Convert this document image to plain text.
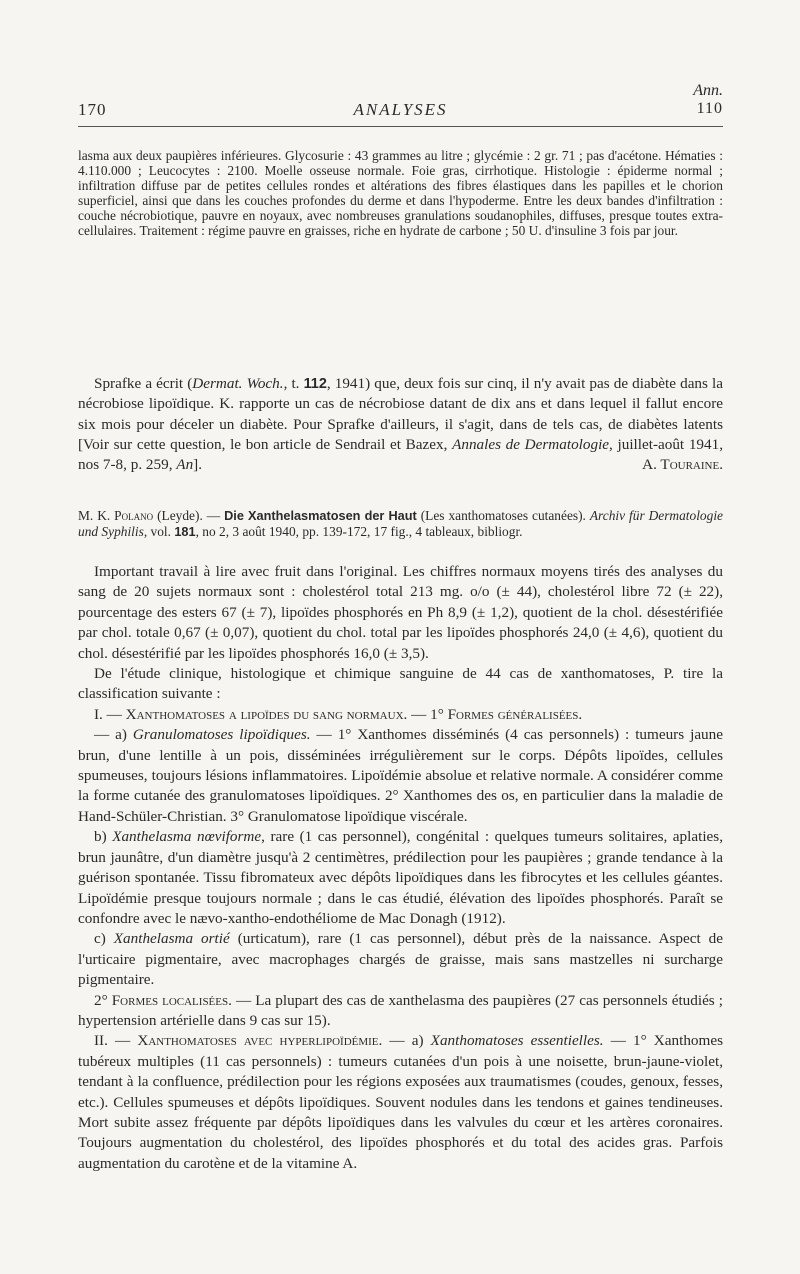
Ann.
170	ANALYSES	110
lasma aux deux paupières inférieures. Glycosurie : 43 grammes au litre ; glycémie : 2 gr. 71 ; pas d'acétone. Hématies : 4.110.000 ; Leucocytes : 2100. Moelle osseuse normale. Foie gras, cirrhotique. Histologie : épiderme normal ; infiltration diffuse par de petites cellules rondes et altérations des fibres élastiques dans les papilles et le chorion superficiel, ainsi que dans les couches profondes du derme et dans l'hypoderme. Entre les deux bandes d'infiltration : couche nécrobiotique, pauvre en noyaux, avec nombreuses granulations soudanophiles, diffuses, presque toutes extra-cellulaires. Traitement : régime pauvre en graisses, riche en hydrate de carbone ; 50 U. d'insuline 3 fois par jour.
Sprafke a écrit (Dermat. Woch., t. 112, 1941) que, deux fois sur cinq, il n'y avait pas de diabète dans la nécrobiose lipoïdique. K. rapporte un cas de nécrobiose datant de dix ans et dans lequel il fallut encore six mois pour déceler un diabète. Pour Sprafke d'ailleurs, il s'agit, dans de tels cas, de diabètes latents [Voir sur cette question, le bon article de Sendrail et Bazex, Annales de Dermatologie, juillet-août 1941, nos 7-8, p. 259, An].	A. Touraine.
M. K. Polano (Leyde). — Die Xanthelasmatosen der Haut (Les xanthomatoses cutanées). Archiv für Dermatologie und Syphilis, vol. 181, no 2, 3 août 1940, pp. 139-172, 17 fig., 4 tableaux, bibliogr.

Important travail à lire avec fruit dans l'original. Les chiffres normaux moyens tirés des analyses du sang de 20 sujets normaux sont : cholestérol total 213 mg. o/o (± 44), cholestérol libre 72 (± 22), pourcentage des esters 67 (± 7), lipoïdes phosphorés en Ph 8,9 (± 1,2), quotient de la chol. désestérifiée par chol. totale 0,67 (± 0,07), quotient du chol. total par les lipoïdes phosphorés 24,0 (± 4,6), quotient du chol. désestérifié par les lipoïdes phosphorés 16,0 (± 3,5).

De l'étude clinique, histologique et chimique sanguine de 44 cas de xanthomatoses, P. tire la classification suivante :

I. — Xanthomatoses a lipoïdes du sang normaux. — 1° Formes généralisées.

— a) Granulomatoses lipoïdiques. — 1° Xanthomes disséminés (4 cas personnels) : tumeurs jaune brun, d'une lentille à un pois, disséminées irrégulièrement sur le corps. Dépôts lipoïdes, cellules spumeuses, toujours lésions inflammatoires. Lipoïdémie absolue et relative normale. A considérer comme la forme cutanée des granulomatoses lipoïdiques. 2° Xanthomes des os, en particulier dans la maladie de Hand-Schüler-Christian. 3° Granulomatose lipoïdique viscérale.

b) Xanthelasma nœviforme, rare (1 cas personnel), congénital : quelques tumeurs solitaires, aplaties, brun jaunâtre, d'un diamètre jusqu'à 2 centimètres, prédilection pour les paupières ; grande tendance à la guérison spontanée. Tissu fibromateux avec dépôts lipoïdiques dans les fibrocytes et les cellules géantes. Lipoïdémie presque toujours normale ; dans le cas étudié, élévation des lipoïdes phosphorés. Paraît se confondre avec le nævo-xantho-endothéliome de Mac Donagh (1912).

c) Xanthelasma ortié (urticatum), rare (1 cas personnel), début près de la naissance. Aspect de l'urticaire pigmentaire, avec macrophages chargés de graisse, mais sans mastzelles ni surcharge pigmentaire.

2° Formes localisées. — La plupart des cas de xanthelasma des paupières (27 cas personnels étudiés ; hypertension artérielle dans 9 cas sur 15).

II. — Xanthomatoses avec hyperlipoïdémie. — a) Xanthomatoses essentielles. — 1° Xanthomes tubéreux multiples (11 cas personnels) : tumeurs cutanées d'un pois à une noisette, brun-jaune-violet, tendant à la confluence, prédilection pour les régions exposées aux traumatismes (coudes, genoux, fesses, etc.). Cellules spumeuses et dépôts lipoïdiques. Souvent nodules dans les tendons et gaines tendineuses. Mort subite assez fréquente par dépôts lipoïdiques dans les valvules du cœur et les artères coronaires. Toujours augmentation du cholestérol, des lipoïdes phosphorés et du total des acides gras. Parfois augmentation du carotène et de la vitamine A.
